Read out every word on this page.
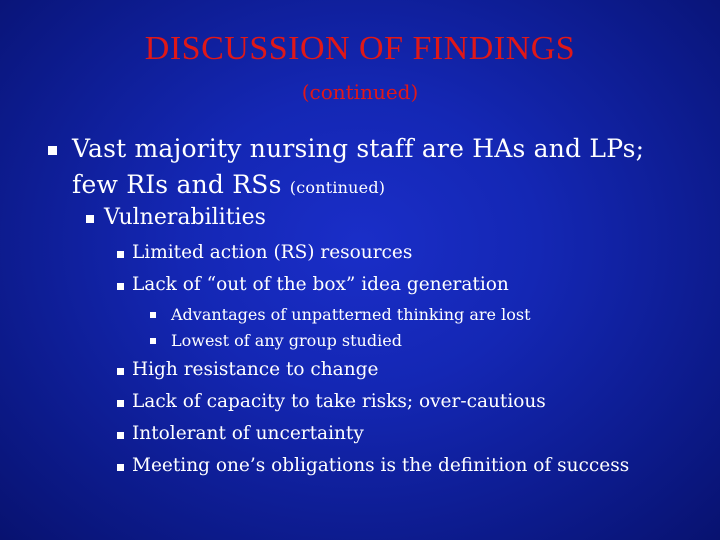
DISCUSSION OF FINDINGS
(continued)
Vast majority nursing staff are HAs and LPs;
few RIs and RSs (continued)
Vulnerabilities
Limited action (RS) resources
Lack of “out of the box” idea generation
Advantages of unpatterned thinking are lost
Lowest of any group studied
High resistance to change
Lack of capacity to take risks; over-cautious
Intolerant of uncertainty
Meeting one’s obligations is the definition of success
